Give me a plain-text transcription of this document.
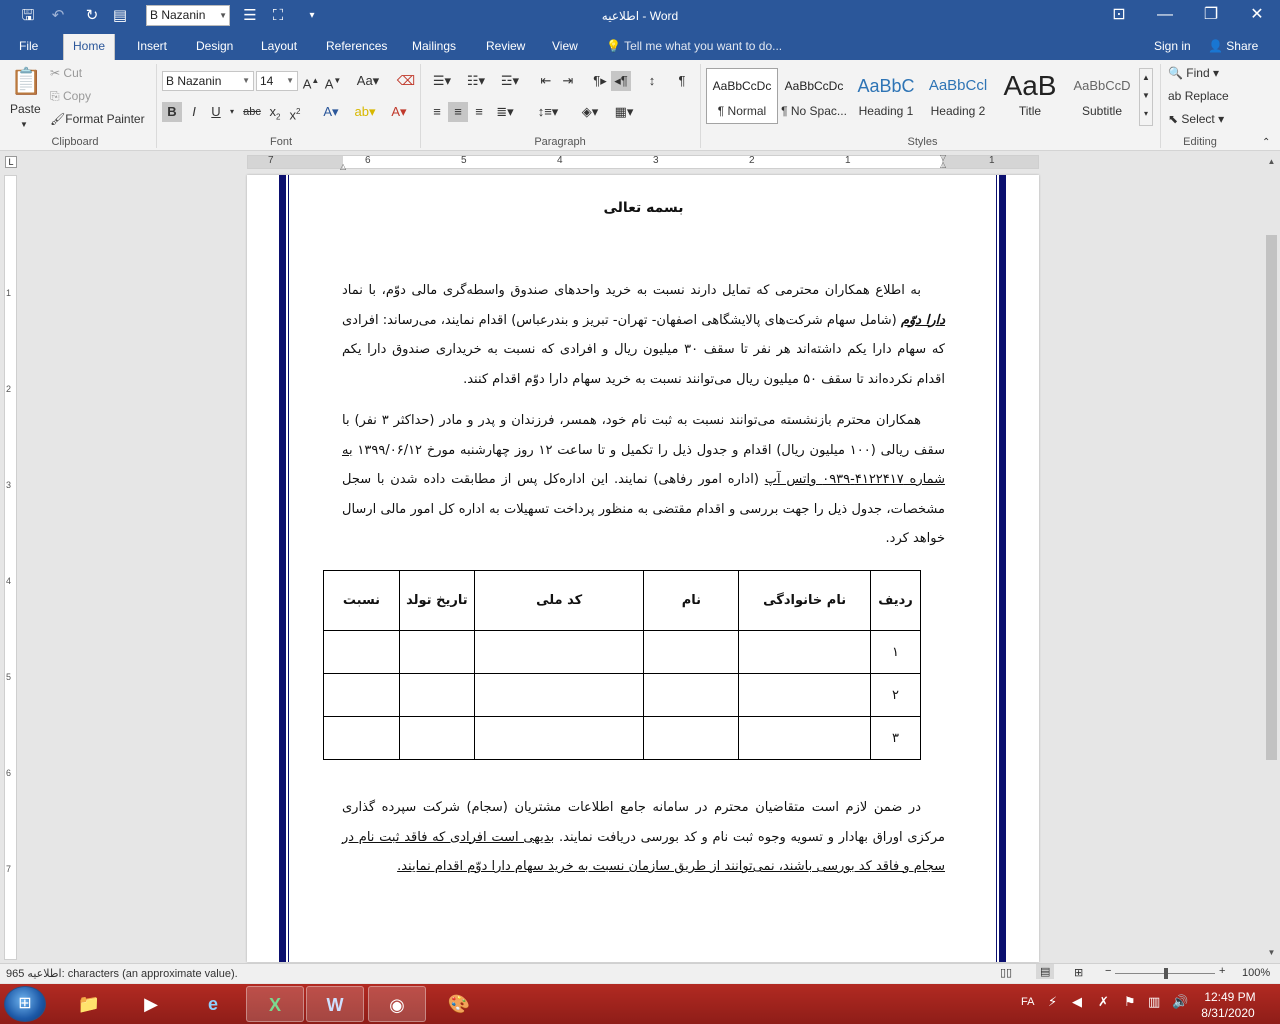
🖫	↶	↻ ▤	B Nazanin ▼	☰	⛶	▾	اطلاعیه - Word	⊡	—	❐	✕
File	Home	Insert	Design	Layout	References	Mailings	Review	View	💡 Tell me what you want to do...	Sign in 👤 Share
📋
Paste
▼
✂ Cut
⎘ Copy
🖌Format Painter
Clipboard
B Nazanin	▼ 14 ▼ A▲ A▼ Aa▾ ⌫
B	I	U	▾ abc $x_2$ $x^2$	A▾	ab▾	A▾
Font
☰▾	☷▾	☲▾	⇤ ⇥	¶▸ ◂¶	↕	¶
≡	≡	≡	≣▾	↕≡▾	◈▾	▦▾
Paragraph
AaBbCcDc
¶ Normal
AaBbCcDc
¶ No Spac...
AaBbC
Heading 1
AaBbCcl
Heading 2
AaB
Title
AaBbCcD
Subtitle
▲
▼
▾
Styles
🔍 Find ▾
ab Replace
⬉ Select ▾
Editing	⌃
L	7	6	5	4	3	2	1	1
△
▽
△
1
2
3
4
5
6
7
بسمه تعالی
به اطلاع همکاران محترمی که تمایل دارند نسبت به خرید واحدهای صندوق واسطه‌گری مالی دوّم، با نماد دارا دوّم (شامل سهام شرکت‌های پالایشگاهی اصفهان- تهران- تبریز و بندرعباس) اقدام نمایند، می‌رساند: افرادی که سهام دارا یکم داشته‌اند هر نفر تا سقف ۳۰ میلیون ریال و افرادی که نسبت به خریداری صندوق دارا یکم اقدام نکرده‌اند تا سقف ۵۰ میلیون ریال می‌توانند نسبت به خرید سهام دارا دوّم اقدام کنند.
همکاران محترم بازنشسته می‌توانند نسبت به ثبت نام خود، همسر، فرزندان و پدر و مادر (حداکثر ۳ نفر) با سقف ریالی (۱۰۰ میلیون ریال) اقدام و جدول ذیل را تکمیل و تا ساعت ۱۲ روز چهارشنبه مورخ ۱۳۹۹/۰۶/۱۲ به شماره ۴۱۲۲۴۱۷-۰۹۳۹ واتس آپ (اداره امور رفاهی) نمایند. این اداره‌کل پس از مطابقت داده شدن با سجل مشخصات، جدول ذیل را جهت بررسی و اقدام مقتضی به منظور پرداخت تسهیلات به اداره کل امور مالی ارسال خواهد کرد.
در ضمن لازم است متقاضیان محترم در سامانه جامع اطلاعات مشتریان (سجام) شرکت سپرده گذاری مرکزی اوراق بهادار و تسویه وجوه ثبت نام و کد بورسی دریافت نمایند. بدیهی است افرادی که فاقد ثبت نام در سجام و فاقد کد بورسی باشند، نمی‌توانند از طریق سازمان نسبت به خرید سهام دارا دوّم اقدام نمایند.
ردیف	نام خانوادگی	نام	کد ملی	تاریخ تولد	نسبت
۱					
۲					
۳					
▲
▼
965 اطلاعیه: characters (an approximate value).	▯▯	▤	⊞ −	+ 100%
⊞	📁	▶	e	X	W	◉	🎨	FA ⚡ ◀ ✗ ⚑ ▥ 🔊	12:49 PM
8/31/2020
